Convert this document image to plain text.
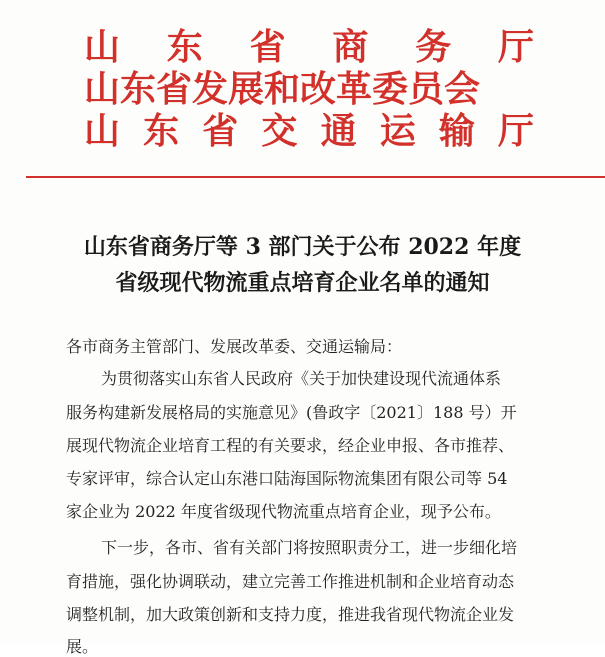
山 东 省 商 务 厅
山东省发展和改革委员会
山 东 省 交 通 运 输 厅
山东省商务厅等 3 部门关于公布 2022 年度
省级现代物流重点培育企业名单的通知
各市商务主管部门、发展改革委、交通运输局：
为贯彻落实山东省人民政府《关于加快建设现代流通体系
服务构建新发展格局的实施意见》(鲁政字〔2021〕188 号）开
展现代物流企业培育工程的有关要求，经企业申报、各市推荐、
专家评审，综合认定山东港口陆海国际物流集团有限公司等 54
家企业为 2022 年度省级现代物流重点培育企业，现予公布。
下一步，各市、省有关部门将按照职责分工，进一步细化培
育措施，强化协调联动，建立完善工作推进机制和企业培育动态
调整机制，加大政策创新和支持力度，推进我省现代物流企业发
展。
